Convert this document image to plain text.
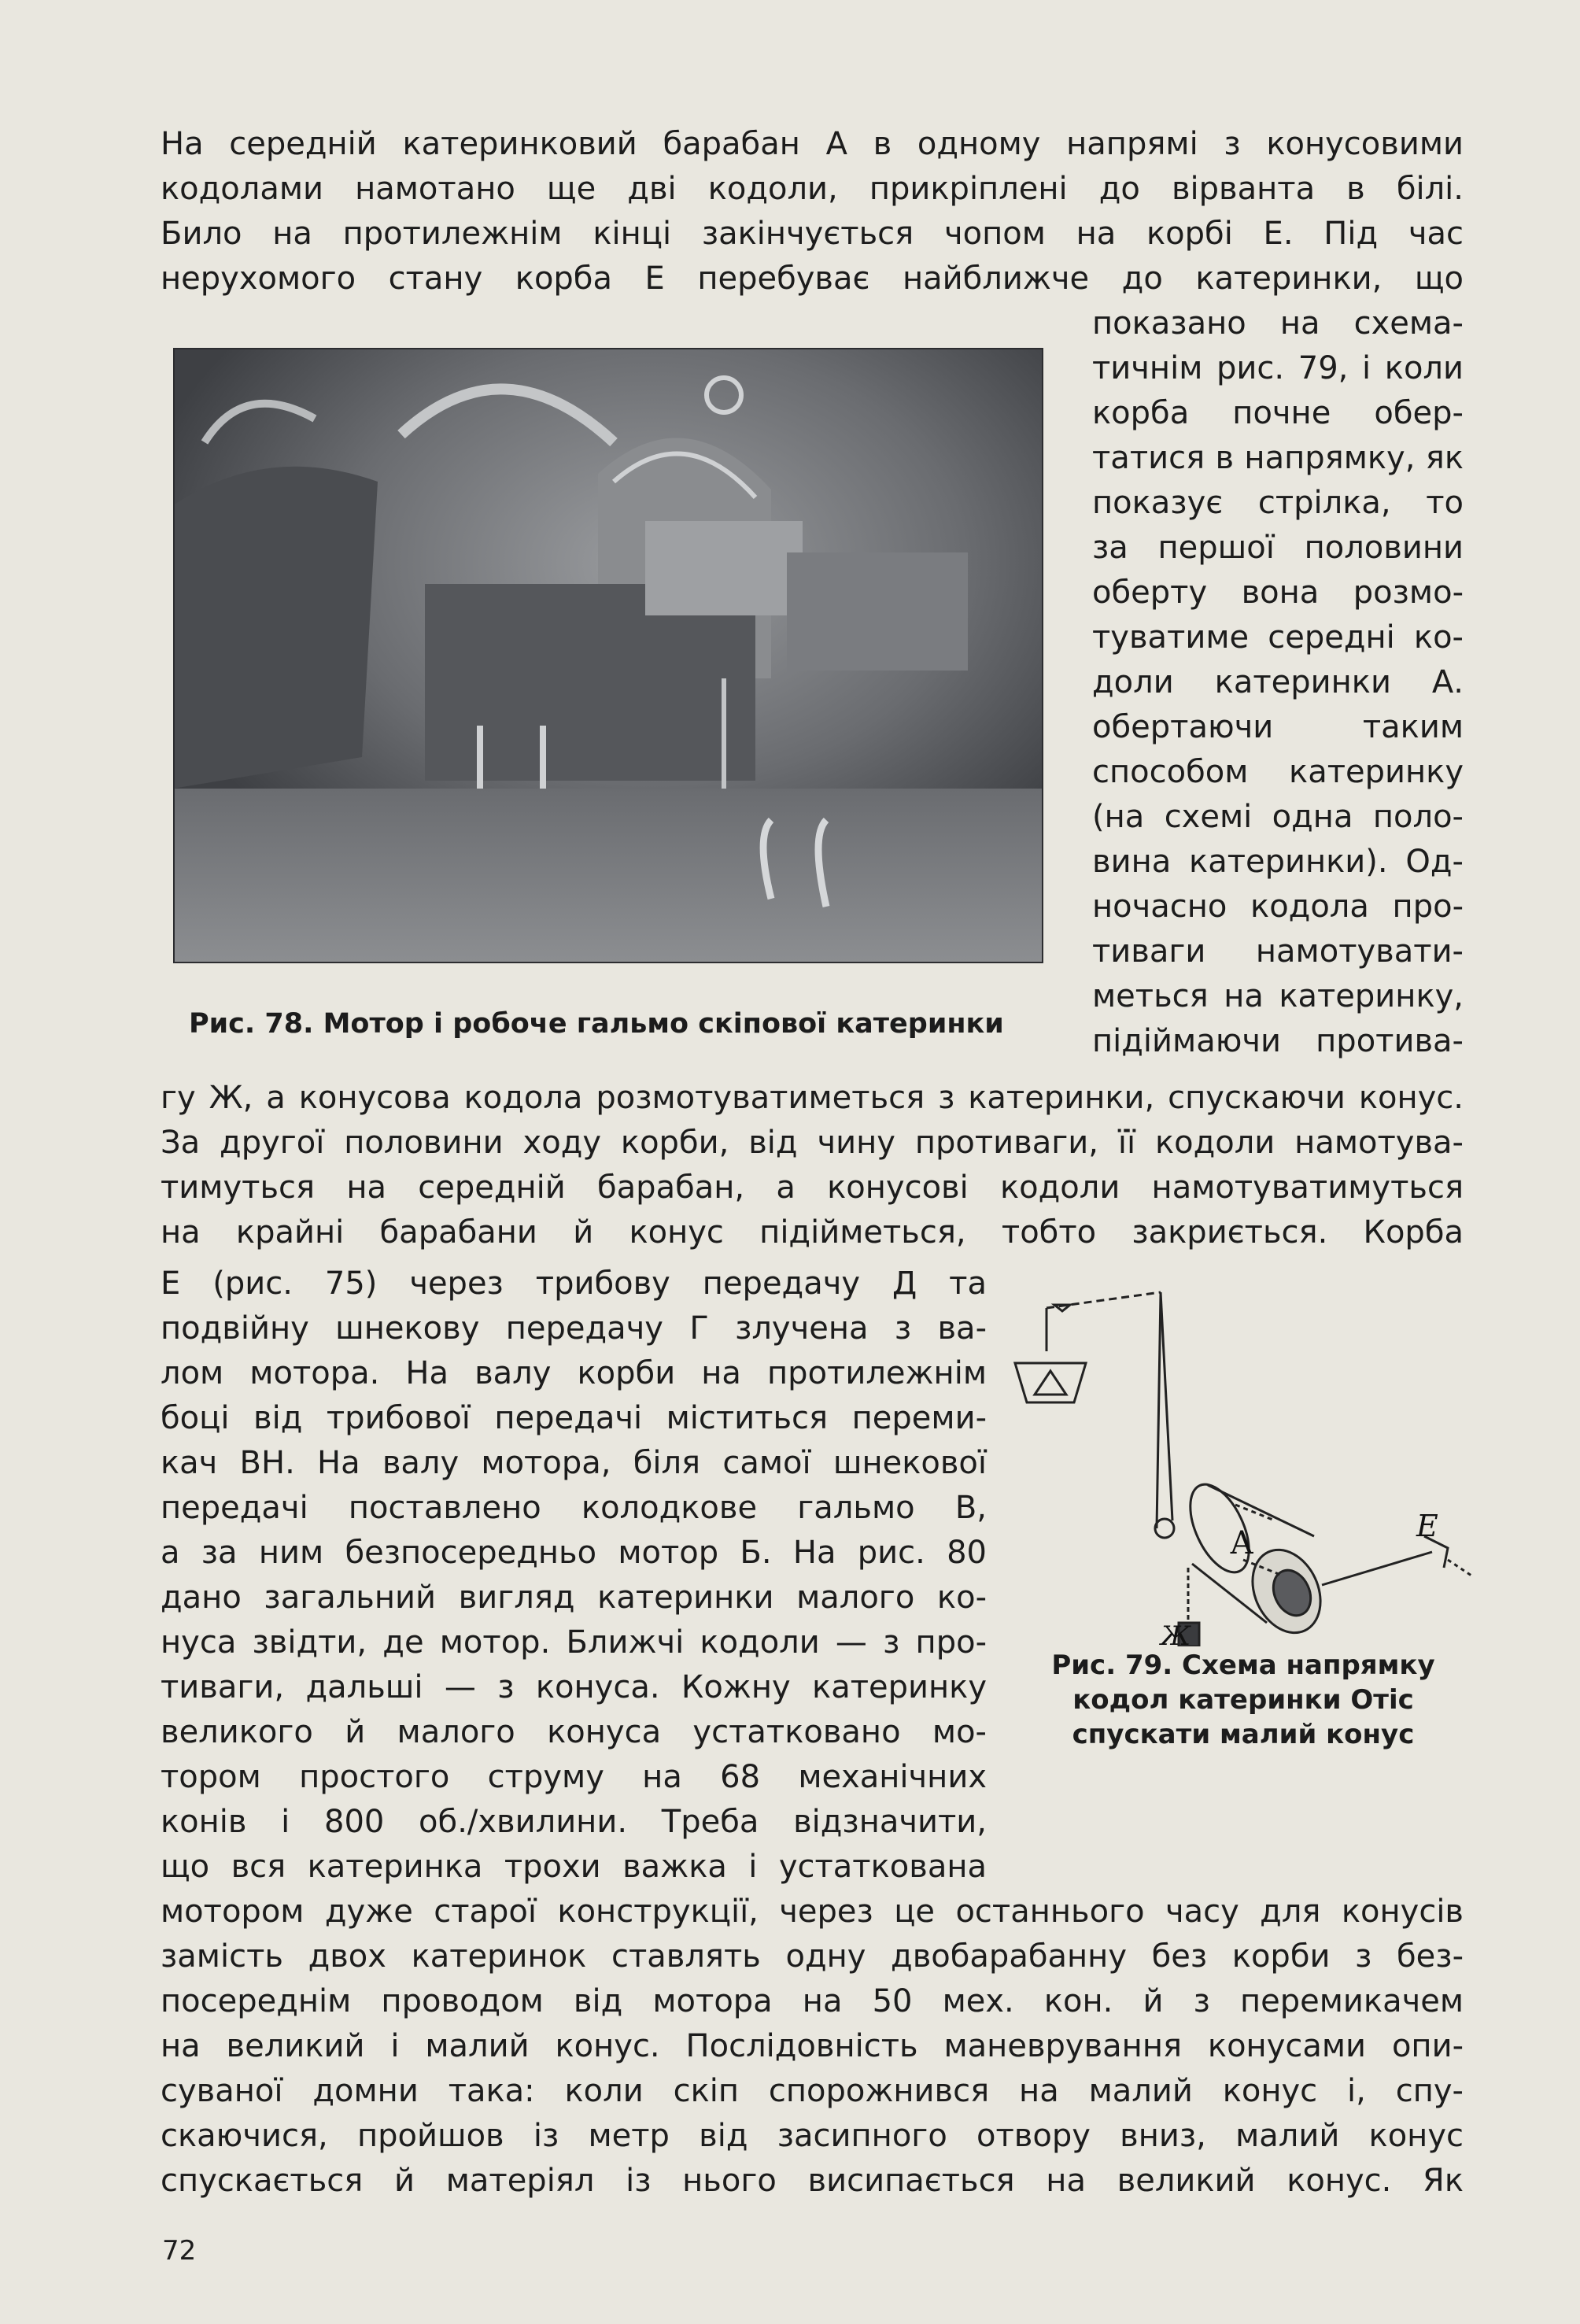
На середній катеринковий барабан А в одному напрямі з конусовими

кодолами намотано ще дві кодоли, прикріплені до вірванта в білі.

Било на протилежнім кінці закінчується чопом на корбі Е. Під час

нерухомого стану корба Е перебуває найближче до катеринки, що

показано на схема-

тичнім рис. 79, і коли

корба почне обер-

татися в напрямку, як

показує стрілка, то

за першої половини

оберту вона розмо-

туватиме середні ко-

доли катеринки А.

обертаючи таким

способом катеринку

(на схемі одна поло-

вина катеринки). Од-

ночасно кодола про-

тиваги намотувати-

меться на катеринку,

підіймаючи протива-

Рис. 78. Мотор і робоче гальмо скіпової катеринки

гу Ж, а конусова кодола розмотуватиметься з катеринки, спускаючи конус.

За другої половини ходу корби, від чину противаги, її кодоли намотува-

тимуться на середній барабан, а конусові кодоли намотуватимуться

на крайні барабани й конус підійметься, тобто закриється. Корба

Е (рис. 75) через трибову передачу Д та

подвійну шнекову передачу Г злучена з ва-

лом мотора. На валу корби на протилежнім

боці від трибової передачі міститься переми-

кач ВН. На валу мотора, біля самої шнекової

передачі поставлено колодкове гальмо В,

а за ним безпосередньо мотор Б. На рис. 80

дано загальний вигляд катеринки малого ко-

нуса звідти, де мотор. Ближчі кодоли — з про-

тиваги, дальші — з конуса. Кожну катеринку

великого й малого конуса устатковано мо-

тором простого струму на 68 механічних

конів і 800 об./хвилини. Треба відзначити,

що вся катеринка трохи важка і устаткована

А	Е
Ж

Рис. 79. Схема напрямку кодол катеринки Отіс спускати малий конус

мотором дуже старої конструкції, через це останнього часу для конусів

замість двох катеринок ставлять одну двобарабанну без корби з без-

посереднім проводом від мотора на 50 мех. кон. й з перемикачем

на великий і малий конус. Послідовність маневрування конусами опи-

суваної домни така: коли скіп спорожнився на малий конус і, спу-

скаючися, пройшов із метр від засипного отвору вниз, малий конус

спускається й матеріял із нього висипається на великий конус. Як

72
